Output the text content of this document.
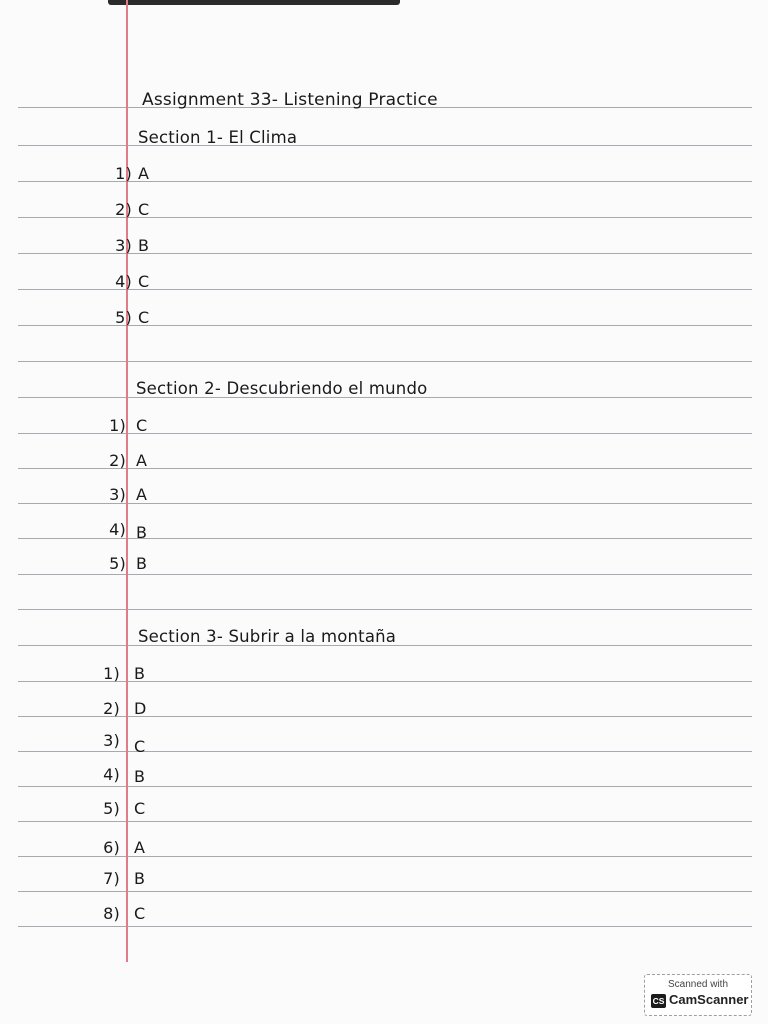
Assignment 33- Listening Practice
Section 1- El Clima
1) A
2) C
3) B
4) C
5) C
Section 2- Descubriendo el mundo
1) C
2) A
3) A
4) B
5) B
Section 3- Subrir a la montaña
1) B
2) D
3) C
4) B
5) C
6) A
7) B
8) C
Scanned with
CS CamScanner
